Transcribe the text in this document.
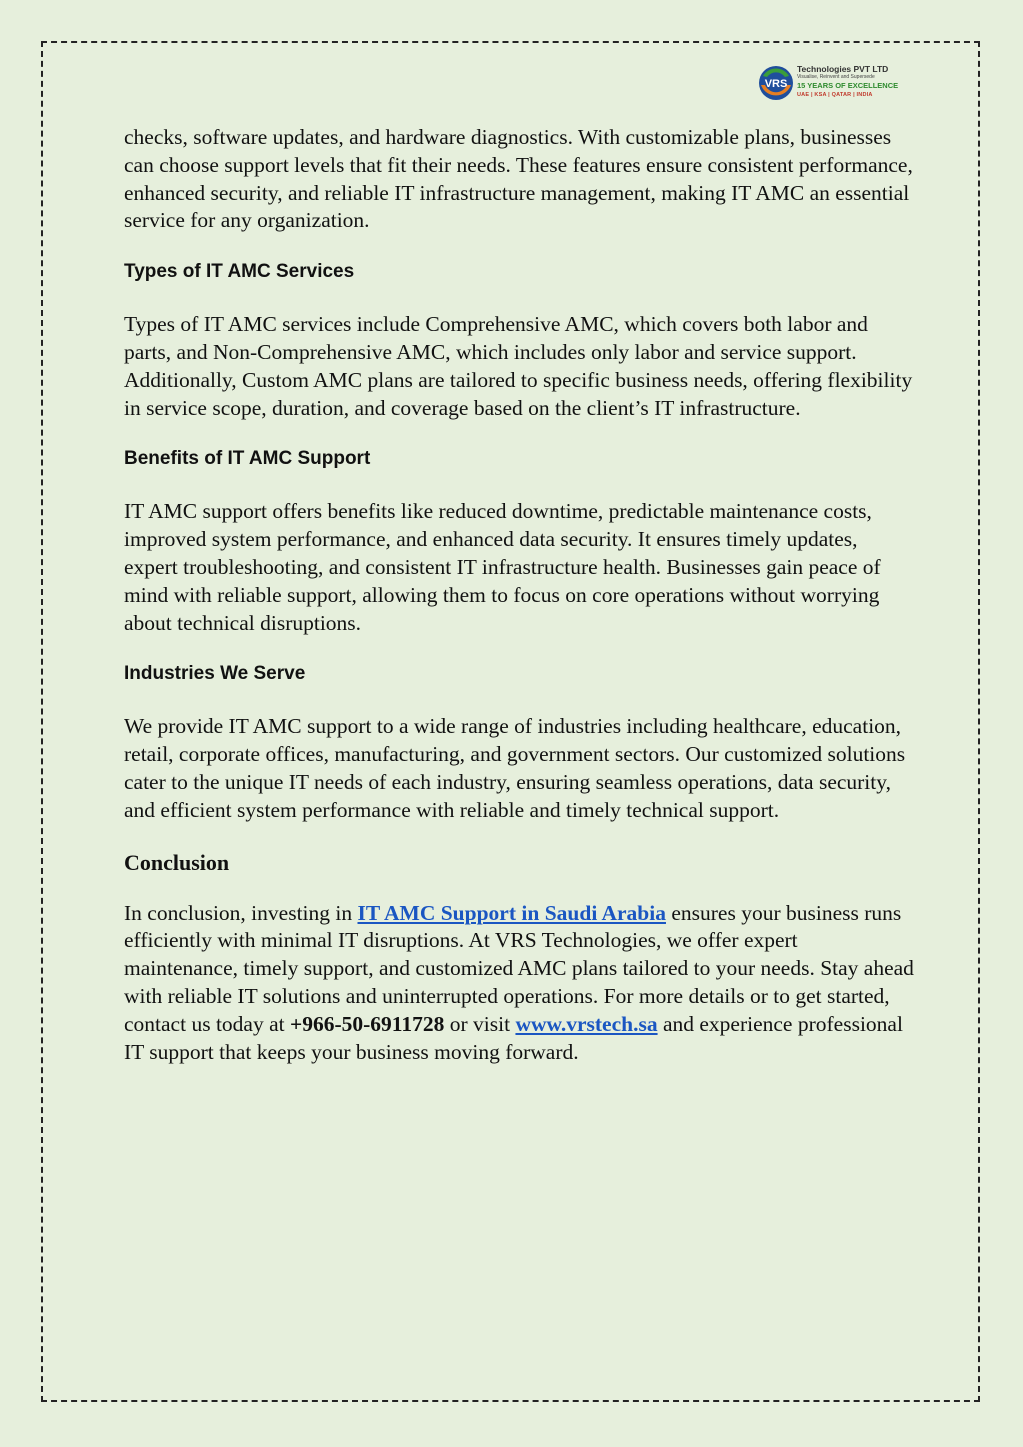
VRS
Technologies PVT LTD
Visualise, Reinvent and Supersede
15 YEARS OF EXCELLENCE
UAE | KSA | QATAR | INDIA

checks, software updates, and hardware diagnostics. With customizable plans, businesses can choose support levels that fit their needs. These features ensure consistent performance, enhanced security, and reliable IT infrastructure management, making IT AMC an essential service for any organization.

Types of IT AMC Services

Types of IT AMC services include Comprehensive AMC, which covers both labor and parts, and Non-Comprehensive AMC, which includes only labor and service support. Additionally, Custom AMC plans are tailored to specific business needs, offering flexibility in service scope, duration, and coverage based on the client’s IT infrastructure.

Benefits of IT AMC Support

IT AMC support offers benefits like reduced downtime, predictable maintenance costs, improved system performance, and enhanced data security. It ensures timely updates, expert troubleshooting, and consistent IT infrastructure health. Businesses gain peace of mind with reliable support, allowing them to focus on core operations without worrying about technical disruptions.

Industries We Serve

We provide IT AMC support to a wide range of industries including healthcare, education, retail, corporate offices, manufacturing, and government sectors. Our customized solutions cater to the unique IT needs of each industry, ensuring seamless operations, data security, and efficient system performance with reliable and timely technical support.

Conclusion

In conclusion, investing in IT AMC Support in Saudi Arabia ensures your business runs efficiently with minimal IT disruptions. At VRS Technologies, we offer expert maintenance, timely support, and customized AMC plans tailored to your needs. Stay ahead with reliable IT solutions and uninterrupted operations. For more details or to get started, contact us today at +966-50-6911728 or visit www.vrstech.sa and experience professional IT support that keeps your business moving forward.
